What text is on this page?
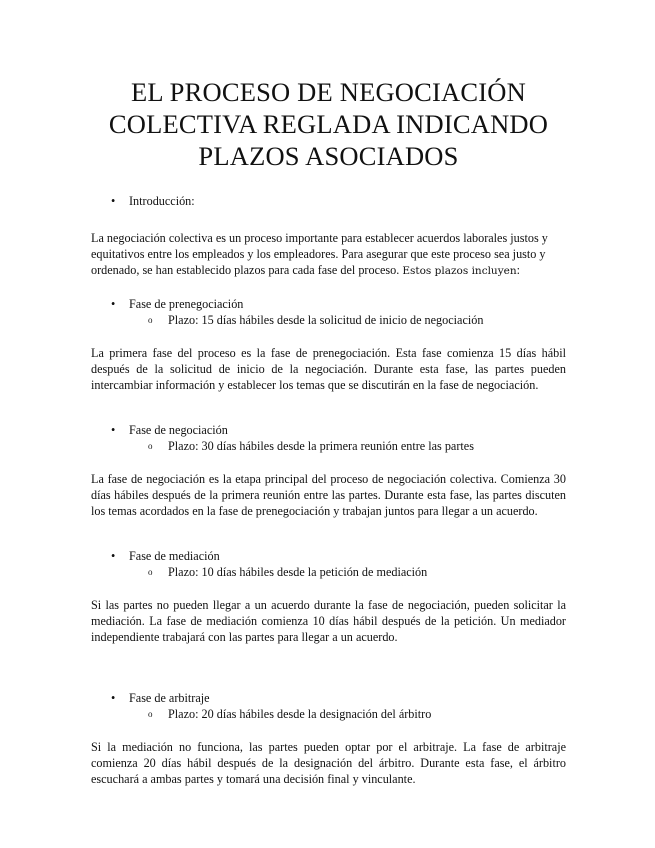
EL PROCESO DE NEGOCIACIÓN
COLECTIVA REGLADA INDICANDO
PLAZOS ASOCIADOS
• Introducción:

La negociación colectiva es un proceso importante para establecer acuerdos laborales justos y equitativos entre los empleados y los empleadores. Para asegurar que este proceso sea justo y ordenado, se han establecido plazos para cada fase del proceso. Estos plazos incluyen:

• Fase de prenegociación
o Plazo: 15 días hábiles desde la solicitud de inicio de negociación

La primera fase del proceso es la fase de prenegociación. Esta fase comienza 15 días hábil después de la solicitud de inicio de la negociación. Durante esta fase, las partes pueden intercambiar información y establecer los temas que se discutirán en la fase de negociación.

• Fase de negociación
o Plazo: 30 días hábiles desde la primera reunión entre las partes

La fase de negociación es la etapa principal del proceso de negociación colectiva. Comienza 30 días hábiles después de la primera reunión entre las partes. Durante esta fase, las partes discuten los temas acordados en la fase de prenegociación y trabajan juntos para llegar a un acuerdo.

• Fase de mediación
o Plazo: 10 días hábiles desde la petición de mediación

Si las partes no pueden llegar a un acuerdo durante la fase de negociación, pueden solicitar la mediación. La fase de mediación comienza 10 días hábil después de la petición. Un mediador independiente trabajará con las partes para llegar a un acuerdo.

• Fase de arbitraje
o Plazo: 20 días hábiles desde la designación del árbitro

Si la mediación no funciona, las partes pueden optar por el arbitraje. La fase de arbitraje comienza 20 días hábil después de la designación del árbitro. Durante esta fase, el árbitro escuchará a ambas partes y tomará una decisión final y vinculante.
